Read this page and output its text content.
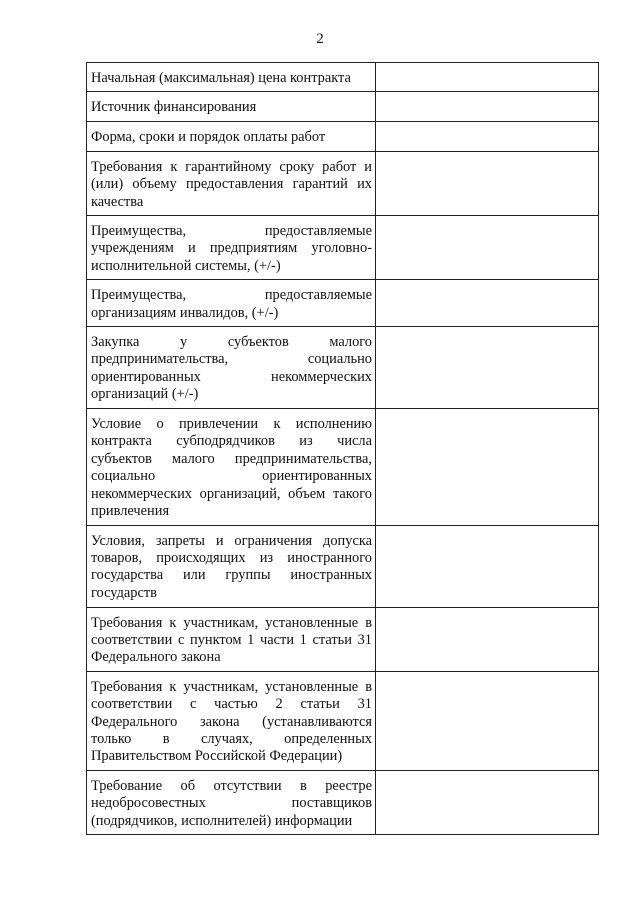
2
Начальная (максимальная) цена контракта	

Источник финансирования	

Форма, сроки и порядок оплаты работ	

Требования к гарантийному сроку работ и (или) объему предоставления гарантий их качества	

Преимущества, предоставляемые учреждениям и предприятиям уголовно-исполнительной системы, (+/-)	

Преимущества, предоставляемые организациям инвалидов, (+/-)	

Закупка у субъектов малого предпринимательства, социально ориентированных некоммерческих организаций (+/-)	

Условие о привлечении к исполнению контракта субподрядчиков из числа субъектов малого предпринимательства, социально ориентированных некоммерческих организаций, объем такого привлечения	

Условия, запреты и ограничения допуска товаров, происходящих из иностранного государства или группы иностранных государств	

Требования к участникам, установленные в соответствии с пунктом 1 части 1 статьи 31 Федерального закона	

Требования к участникам, установленные в соответствии с частью 2 статьи 31 Федерального закона (устанавливаются только в случаях, определенных Правительством Российской Федерации)	

Требование об отсутствии в реестре недобросовестных поставщиков (подрядчиков, исполнителей) информации	
